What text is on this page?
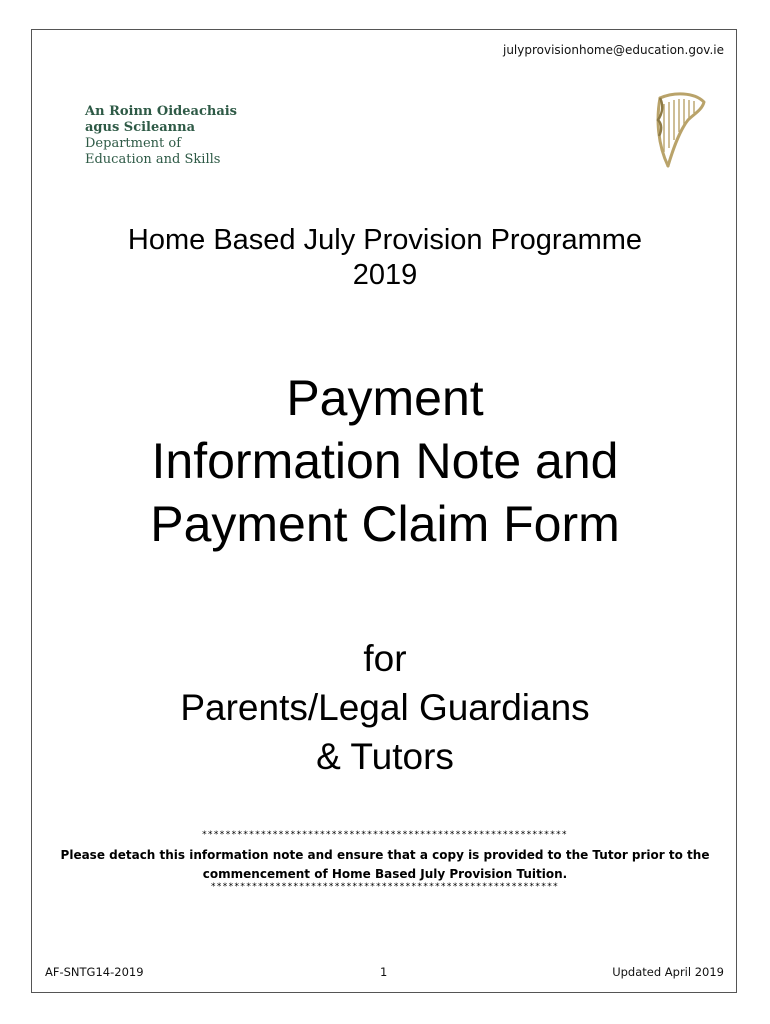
julyprovisionhome@education.gov.ie
An Roinn Oideachais
agus Scileanna
Department of
Education and Skills
Home Based July Provision Programme
2019
Payment
Information Note and
Payment Claim Form
for
Parents/Legal Guardians
& Tutors
**************************************************************
Please detach this information note and ensure that a copy is provided to the Tutor prior to the commencement of Home Based July Provision Tuition.
***********************************************************
AF-SNTG14-2019	1	Updated April 2019
